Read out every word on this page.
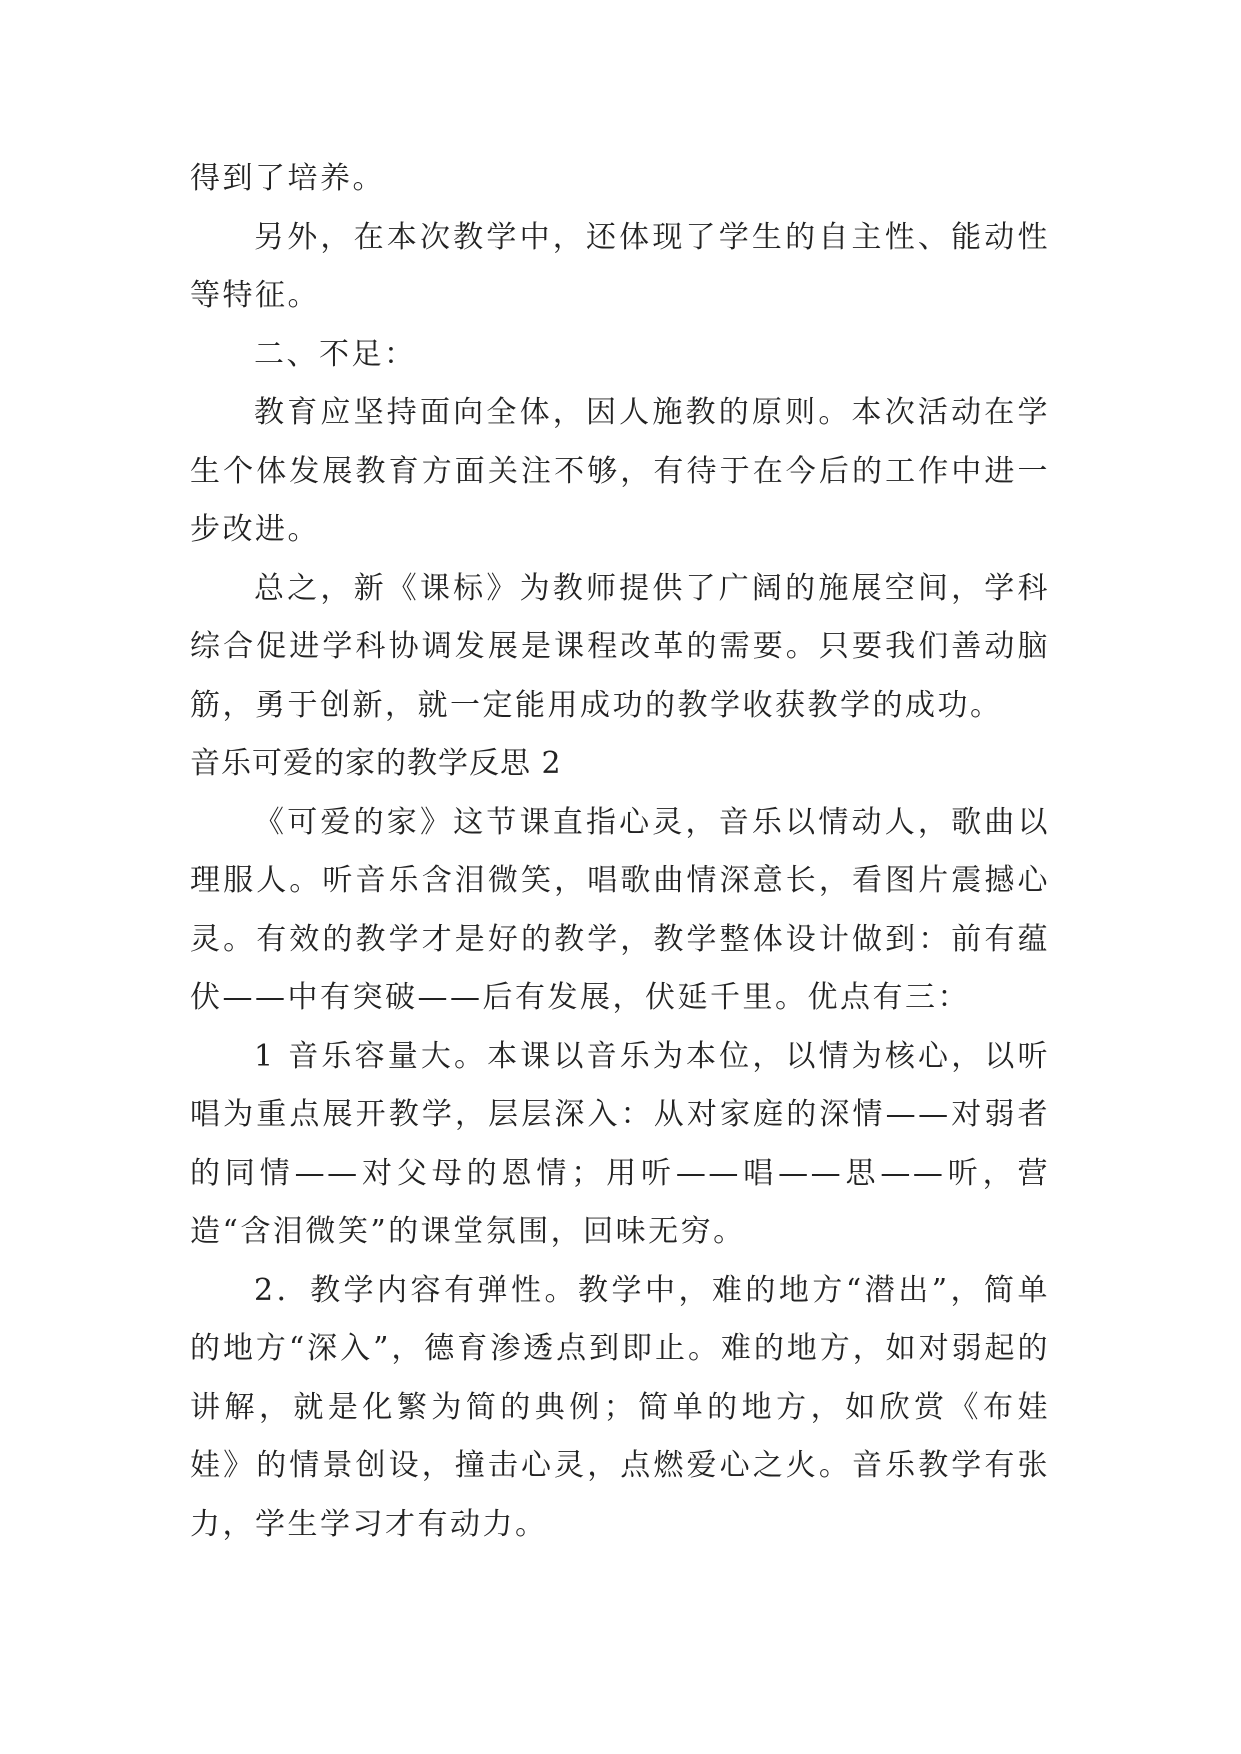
得到了培养。

另外，在本次教学中，还体现了学生的自主性、能动性等特征。

二、不足：

教育应坚持面向全体，因人施教的原则。本次活动在学生个体发展教育方面关注不够，有待于在今后的工作中进一步改进。

总之，新《课标》为教师提供了广阔的施展空间，学科综合促进学科协调发展是课程改革的需要。只要我们善动脑筋，勇于创新，就一定能用成功的教学收获教学的成功。

音乐可爱的家的教学反思 2

《可爱的家》这节课直指心灵，音乐以情动人，歌曲以理服人。听音乐含泪微笑，唱歌曲情深意长，看图片震撼心灵。有效的教学才是好的教学，教学整体设计做到：前有蕴伏——中有突破——后有发展，伏延千里。优点有三：

1 音乐容量大。本课以音乐为本位，以情为核心，以听唱为重点展开教学，层层深入：从对家庭的深情——对弱者的同情——对父母的恩情；用听——唱——思——听，营造“含泪微笑”的课堂氛围，回味无穷。

2．教学内容有弹性。教学中，难的地方“潜出”，简单的地方“深入”，德育渗透点到即止。难的地方，如对弱起的讲解，就是化繁为简的典例；简单的地方，如欣赏《布娃娃》的情景创设，撞击心灵，点燃爱心之火。音乐教学有张力，学生学习才有动力。
